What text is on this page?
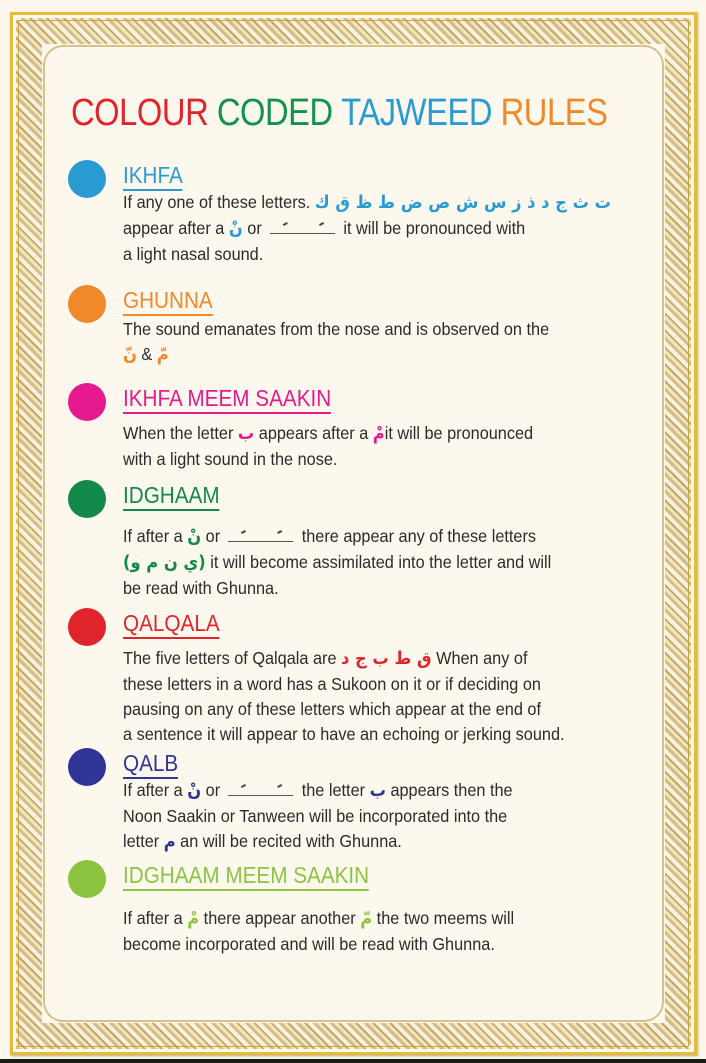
COLOUR CODED TAJWEED RULES
IKHFA
If any one of these letters. ت ث ج د ذ ز س ش ص ض ط ظ ق ك
appear after a نْ or	it will be pronounced with
a light nasal sound.
GHUNNA
The sound emanates from the nose and is observed on the
نّ & مّ
IKHFA MEEM SAAKIN
When the letter ب appears after a مْit will be pronounced
with a light sound in the nose.
IDGHAAM
If after a نْ or	there appear any of these letters
(ي ن م و) it will become assimilated into the letter and will
be read with Ghunna.
QALQALA
The five letters of Qalqala are ق ط ب ج د When any of
these letters in a word has a Sukoon on it or if deciding on
pausing on any of these letters which appear at the end of
a sentence it will appear to have an echoing or jerking sound.
QALB
If after a نْ or	the letter ب appears then the
Noon Saakin or Tanween will be incorporated into the
letter م an will be recited with Ghunna.
IDGHAAM MEEM SAAKIN
If after a مْ there appear another مّ the two meems will
become incorporated and will be read with Ghunna.
